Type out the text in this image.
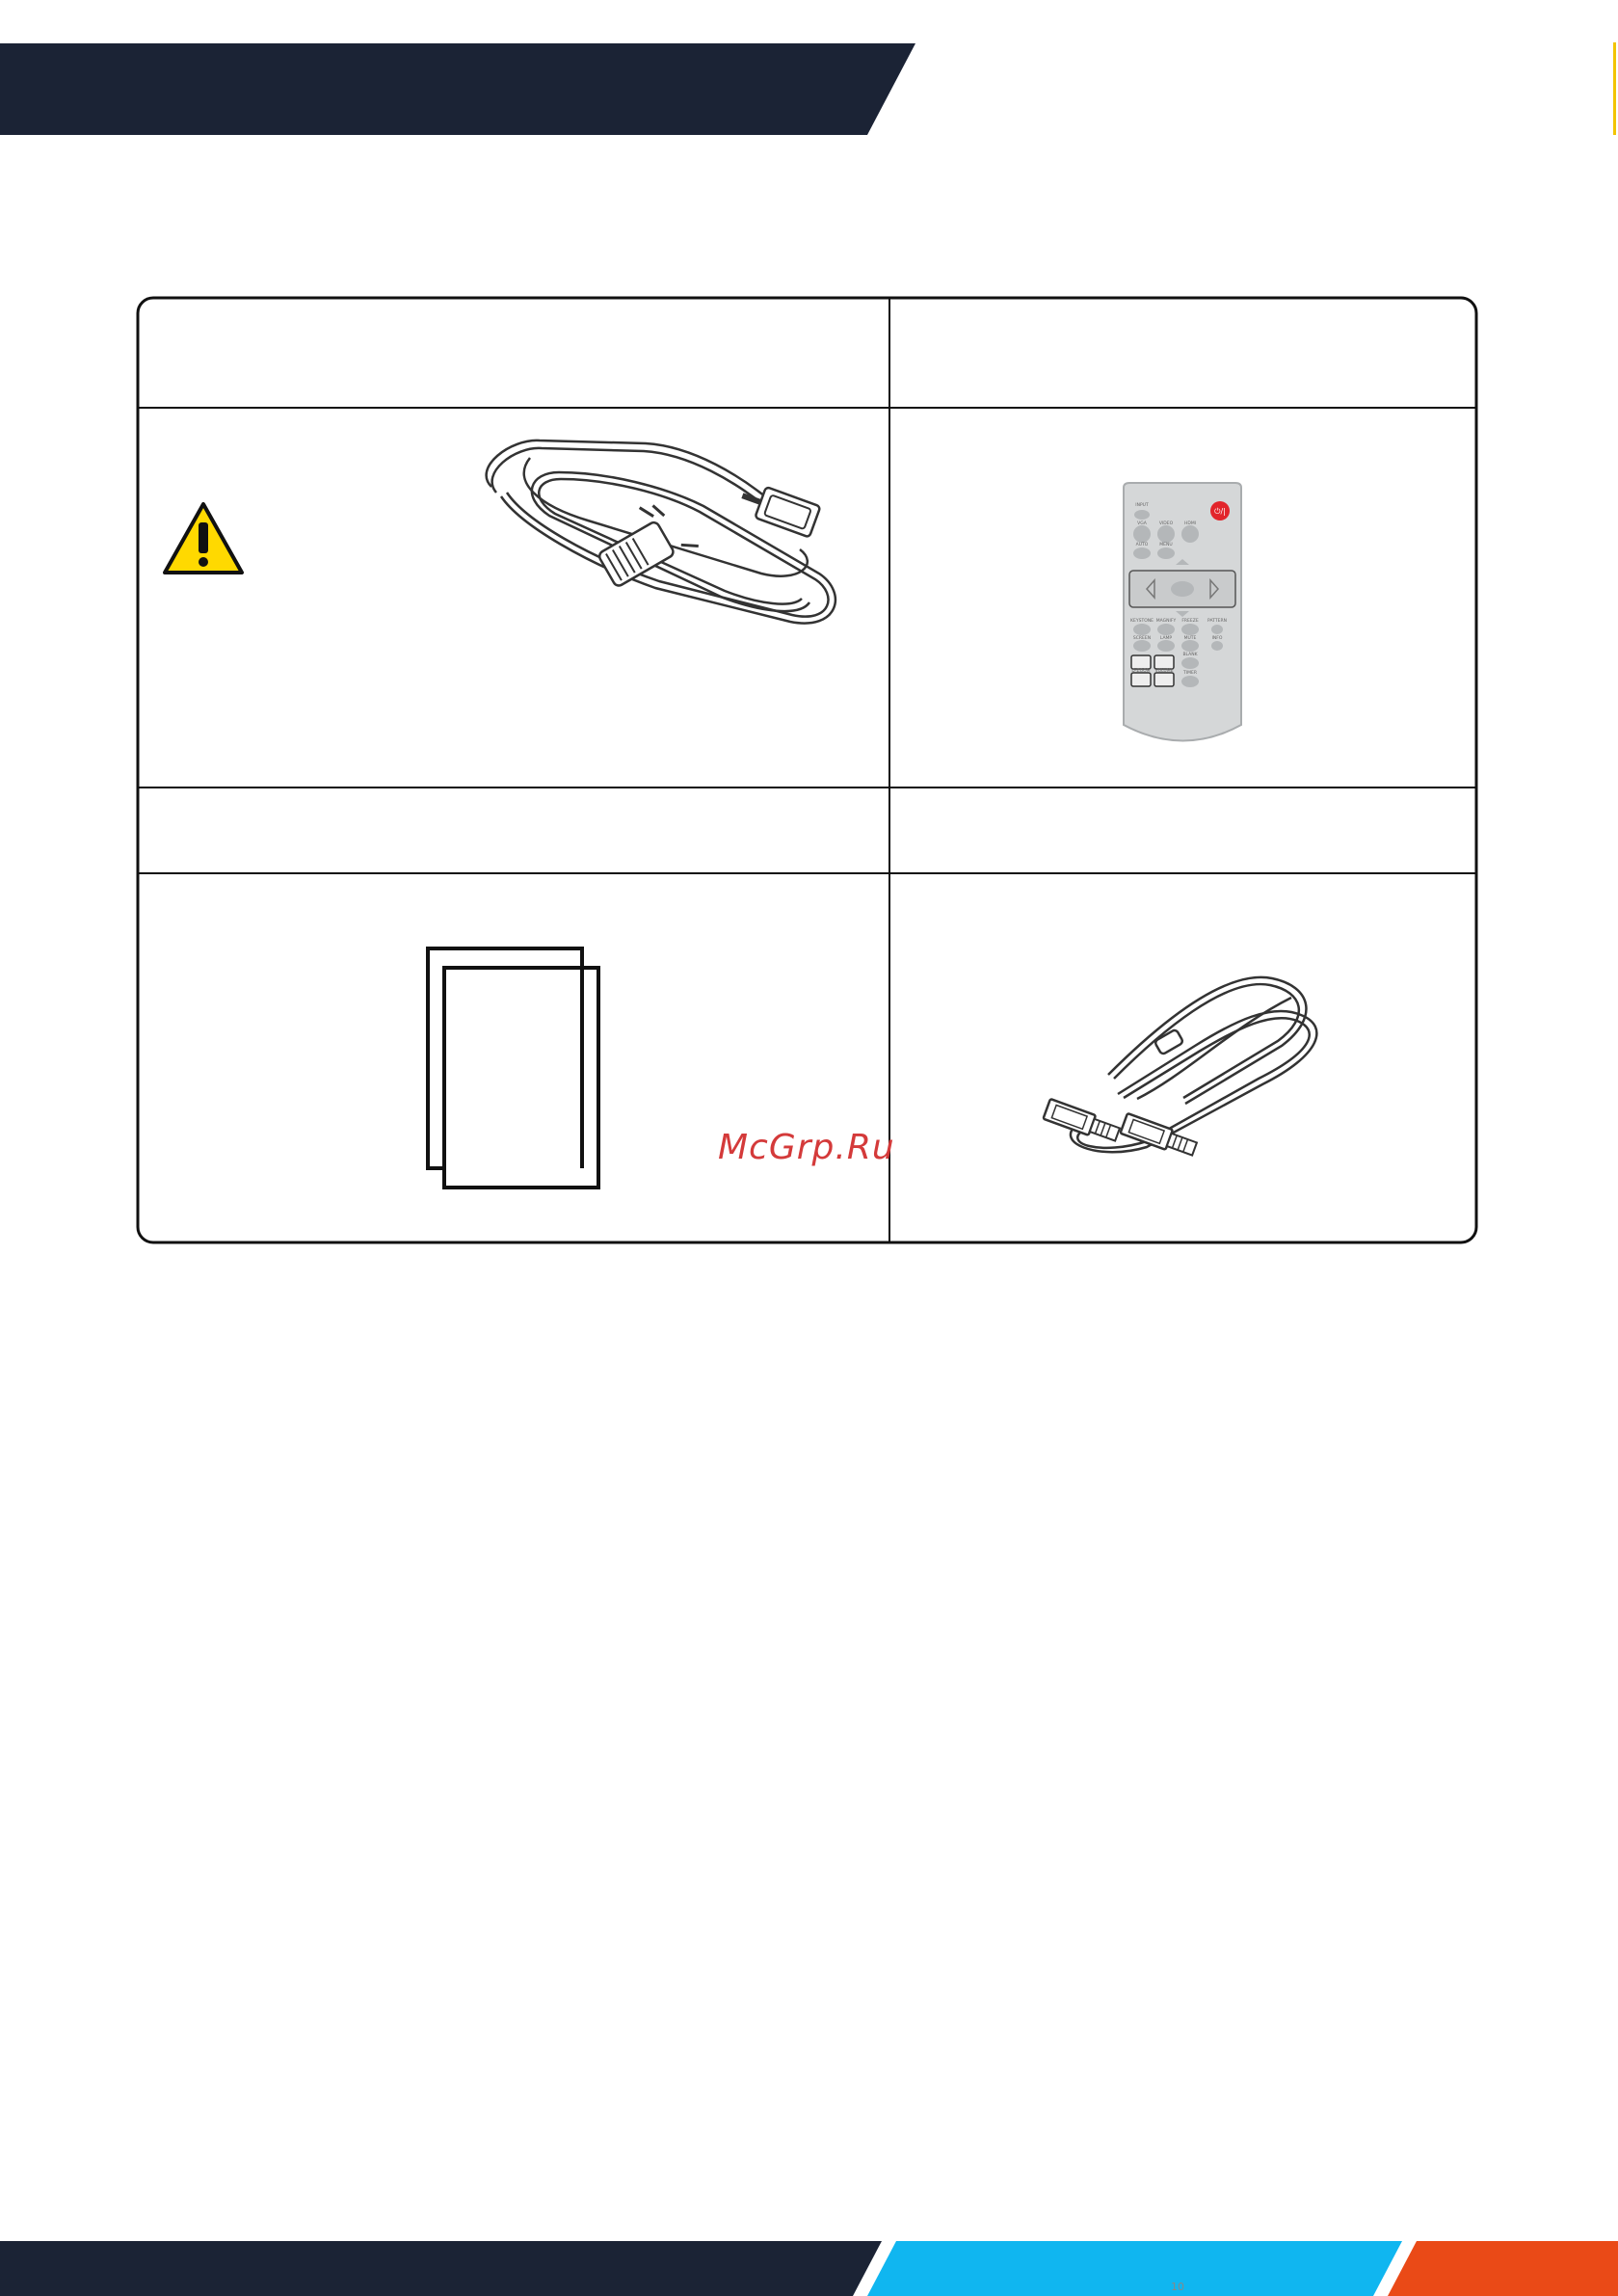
⏻/|
INPUT
VGA	VIDEO	HDMI
AUTO	MENU
KEYSTONE MAGNIFY FREEZE PATTERN
SCREEN LAMP	MUTE	INFO
BLANK
D-ZOOM VOLUME TIMER
McGrp.Ru
10
